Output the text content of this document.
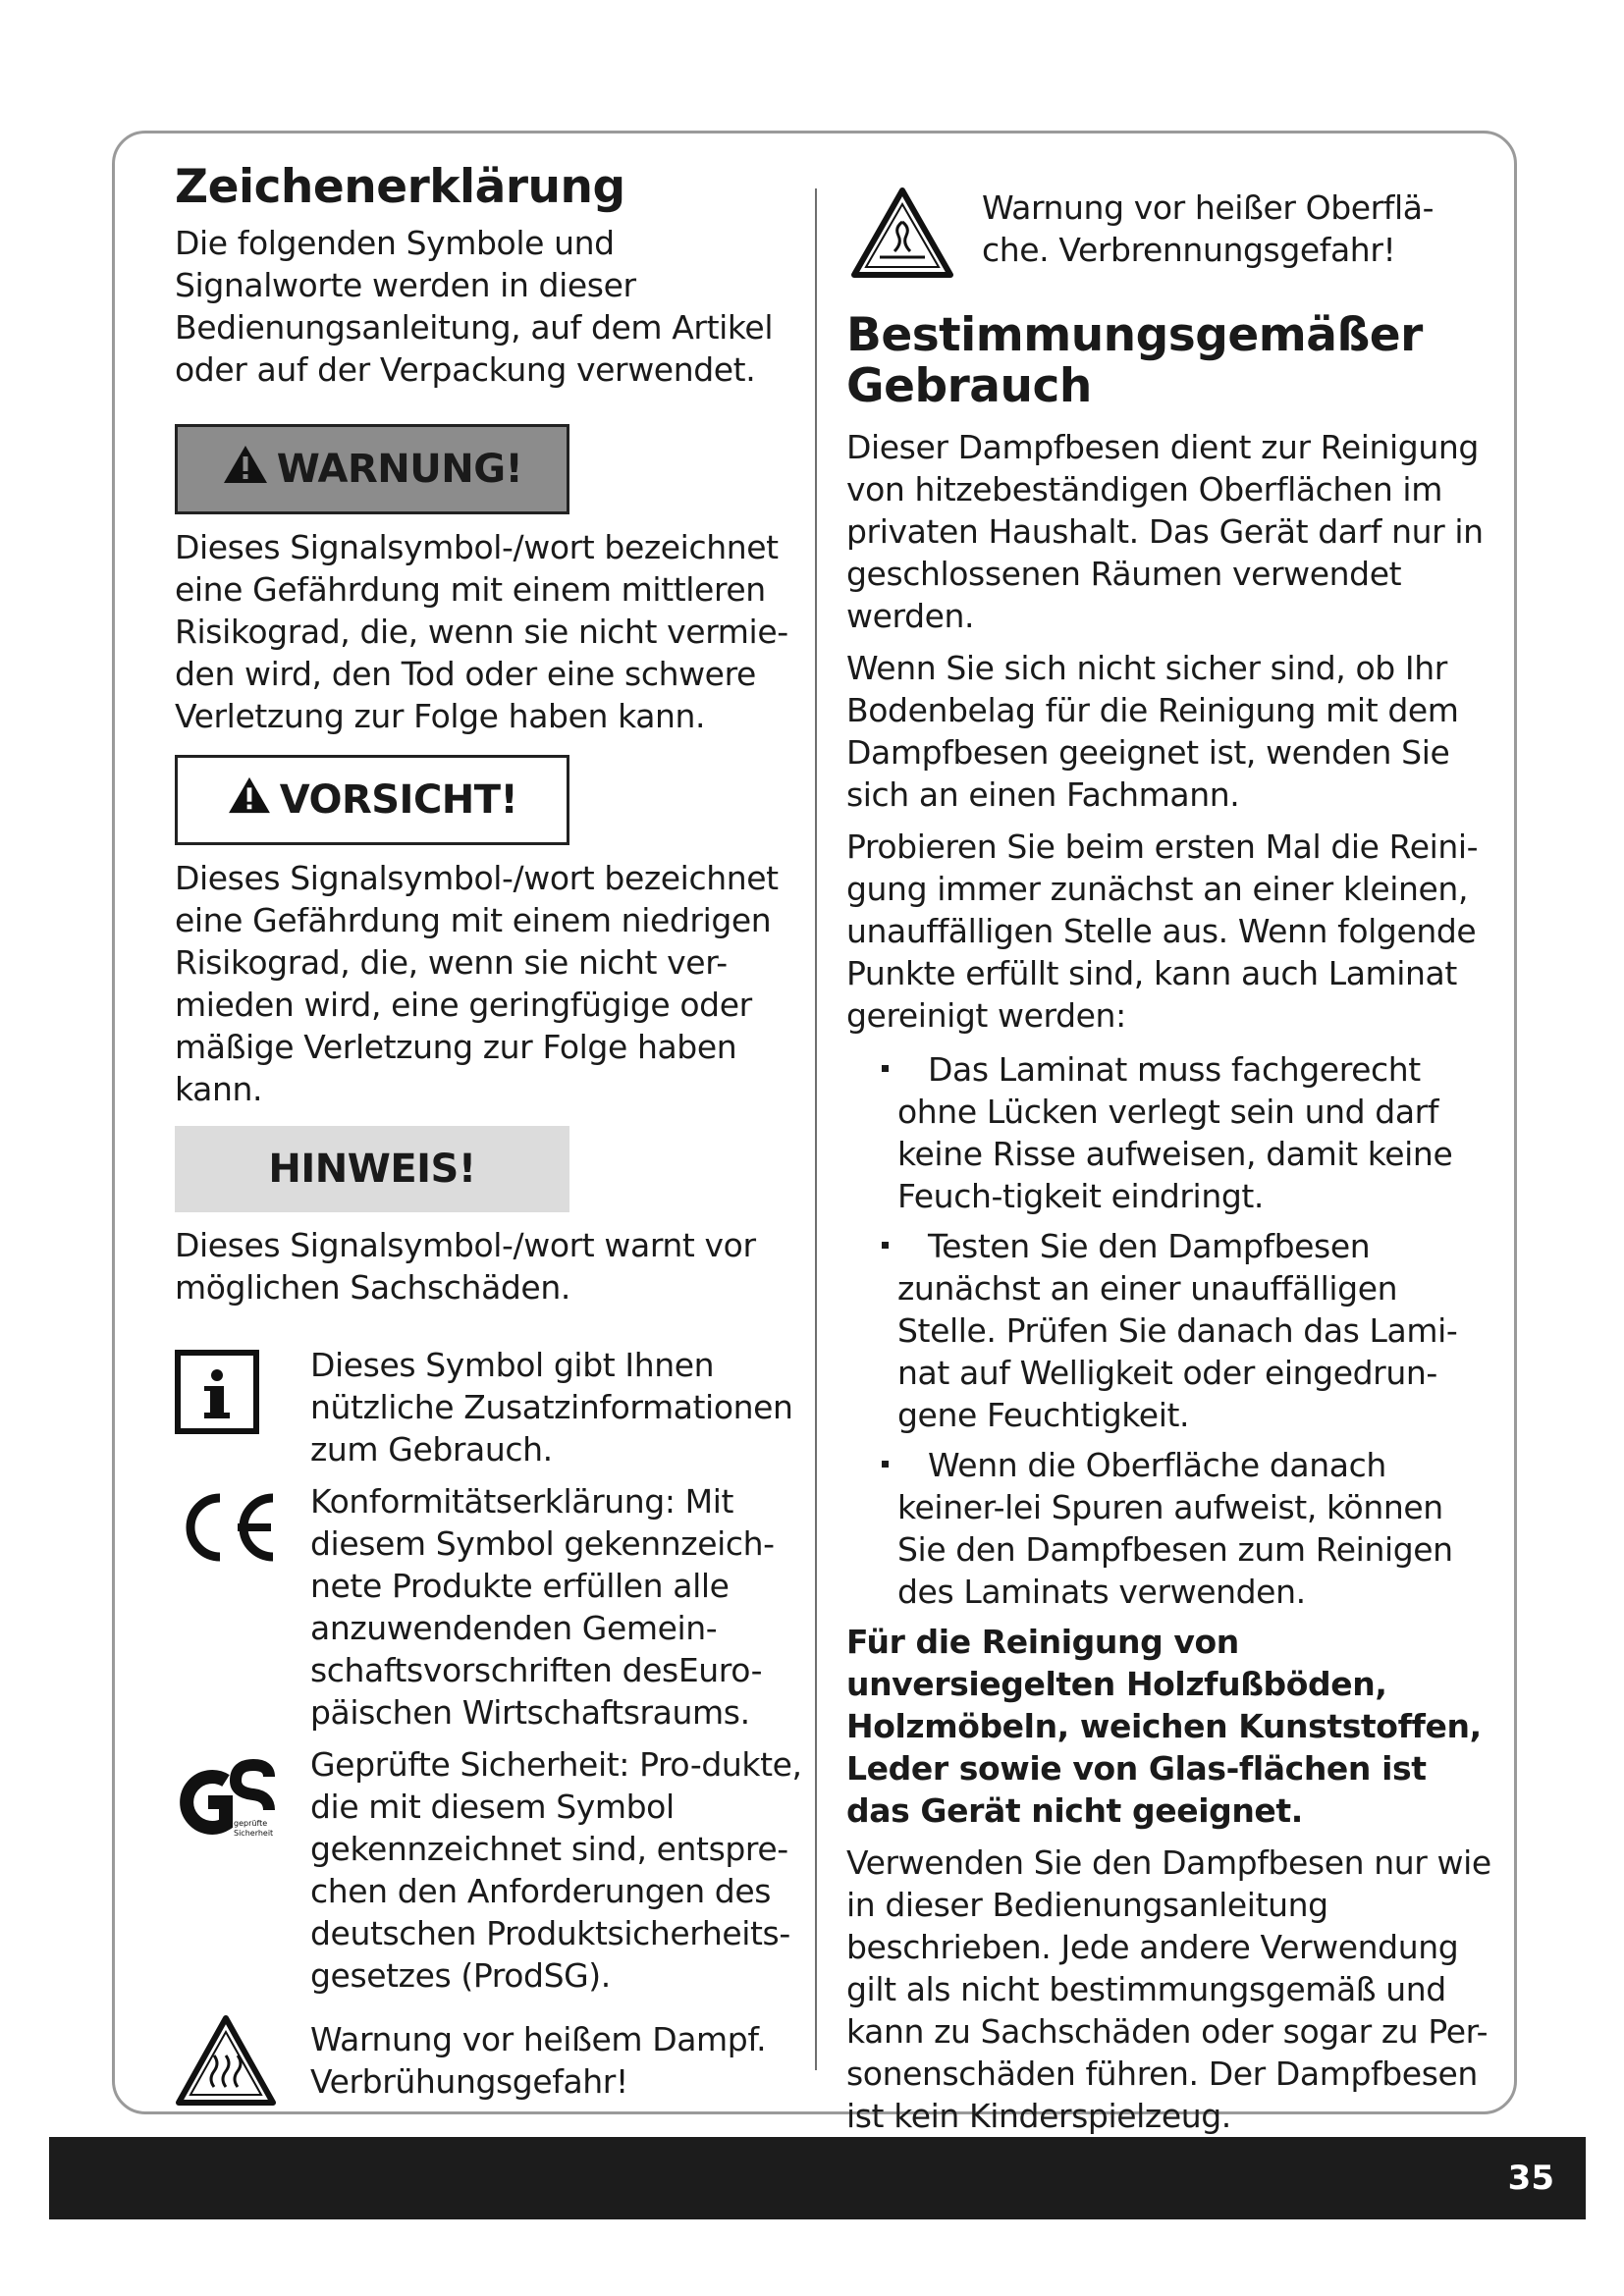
Zeichenerklärung

Die folgenden Symbole und Signalworte werden in dieser Bedienungsanleitung, auf dem Artikel oder auf der Verpackung verwendet.

WARNUNG!

Dieses Signalsymbol-/wort bezeichnet eine Gefährdung mit einem mittleren Risikograd, die, wenn sie nicht vermie-den wird, den Tod oder eine schwere Verletzung zur Folge haben kann.

VORSICHT!

Dieses Signalsymbol-/wort bezeichnet eine Gefährdung mit einem niedrigen Risikograd, die, wenn sie nicht ver-mieden wird, eine geringfügige oder mäßige Verletzung zur Folge haben kann.

HINWEIS!

Dieses Signalsymbol-/wort warnt vor möglichen Sachschäden.

Dieses Symbol gibt Ihnen nützliche Zusatzinformationen zum Gebrauch.

Konformitätserklärung: Mit diesem Symbol gekennzeich-nete Produkte erfüllen alle anzuwendenden Gemein-schaftsvorschriften desEuro-päischen Wirtschaftsraums.

geprüfte
Sicherheit

Geprüfte Sicherheit: Pro-dukte, die mit diesem Symbol gekennzeichnet sind, entspre-chen den Anforderungen des deutschen Produktsicherheits-gesetzes (ProdSG).

Warnung vor heißem Dampf. Verbrühungsgefahr!

Warnung vor heißer Oberflä-che. Verbrennungsgefahr!

Bestimmungsgemäßer Gebrauch

Dieser Dampfbesen dient zur Reinigung von hitzebeständigen Oberflächen im privaten Haushalt. Das Gerät darf nur in geschlossenen Räumen verwendet werden.

Wenn Sie sich nicht sicher sind, ob Ihr Bodenbelag für die Reinigung mit dem Dampfbesen geeignet ist, wenden Sie sich an einen Fachmann.

Probieren Sie beim ersten Mal die Reini-gung immer zunächst an einer kleinen, unauffälligen Stelle aus. Wenn folgende Punkte erfüllt sind, kann auch Laminat gereinigt werden:

Das Laminat muss fachgerecht ohne Lücken verlegt sein und darf keine Risse aufweisen, damit keine Feuch-tigkeit eindringt.
Testen Sie den Dampfbesen zunächst an einer unauffälligen Stelle. Prüfen Sie danach das Lami-nat auf Welligkeit oder eingedrun-gene Feuchtigkeit.
Wenn die Oberfläche danach keiner-lei Spuren aufweist, können Sie den Dampfbesen zum Reinigen des Laminats verwenden.

Für die Reinigung von unversiegelten Holzfußböden, Holzmöbeln, weichen Kunststoffen, Leder sowie von Glas-flächen ist das Gerät nicht geeignet.

Verwenden Sie den Dampfbesen nur wie in dieser Bedienungsanleitung beschrieben. Jede andere Verwendung gilt als nicht bestimmungsgemäß und kann zu Sachschäden oder sogar zu Per-sonenschäden führen. Der Dampfbesen ist kein Kinderspielzeug.

35
